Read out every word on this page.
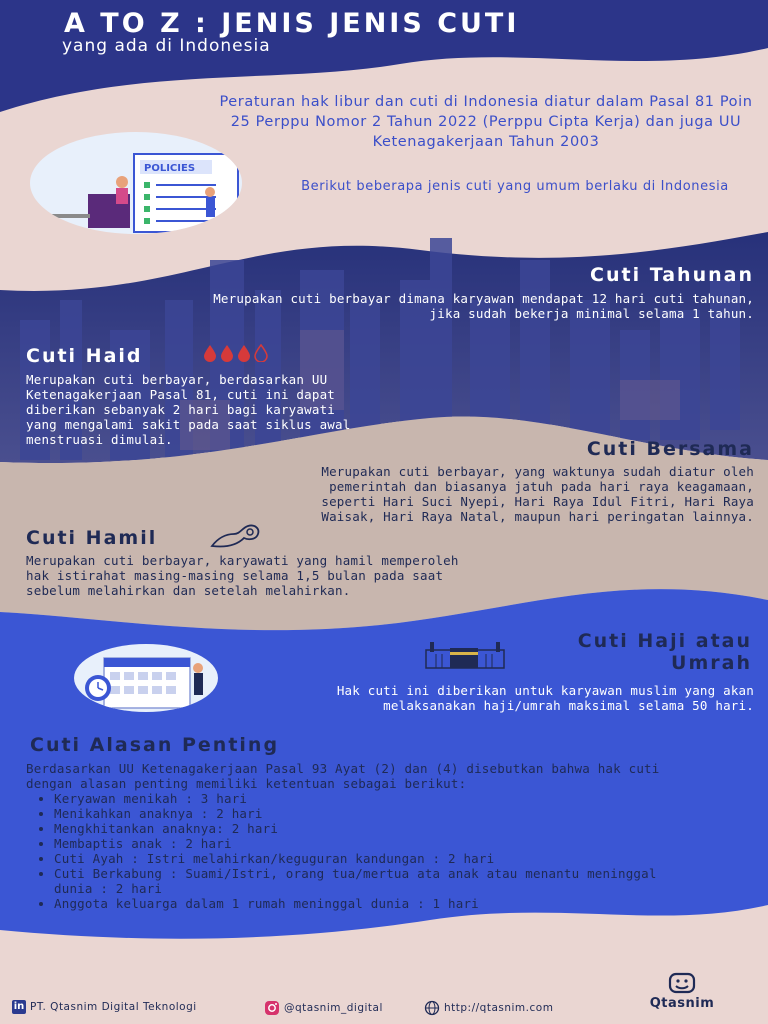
A TO Z : JENIS JENIS CUTI
yang ada di Indonesia
POLICIES
Peraturan hak libur dan cuti di Indonesia diatur dalam Pasal 81 Poin 25 Perppu Nomor 2 Tahun 2022 (Perppu Cipta Kerja) dan juga UU Ketenagakerjaan Tahun 2003
Berikut beberapa jenis cuti yang umum berlaku di Indonesia
Cuti Tahunan
Merupakan cuti berbayar dimana karyawan mendapat 12 hari cuti tahunan, jika sudah bekerja minimal selama 1 tahun.
Cuti Haid
Merupakan cuti berbayar, berdasarkan UU Ketenagakerjaan Pasal 81, cuti ini dapat diberikan sebanyak 2 hari bagi karyawati yang mengalami sakit pada saat siklus awal menstruasi dimulai.	Cuti Bersama
Merupakan cuti berbayar, yang waktunya sudah diatur oleh pemerintah dan biasanya jatuh pada hari raya keagamaan, seperti Hari Suci Nyepi, Hari Raya Idul Fitri, Hari Raya Waisak, Hari Raya Natal, maupun hari peringatan lainnya.
Cuti Hamil
Merupakan cuti berbayar, karyawati yang hamil memperoleh hak istirahat masing-masing selama 1,5 bulan pada saat sebelum melahirkan dan setelah melahirkan.
Cuti Haji atau
Umrah
Hak cuti ini diberikan untuk karyawan muslim yang akan melaksanakan haji/umrah maksimal selama 50 hari.
Cuti Alasan Penting
Berdasarkan UU Ketenagakerjaan Pasal 93 Ayat (2) dan (4) disebutkan bahwa hak cuti dengan alasan penting memiliki ketentuan sebagai berikut:
• Keryawan menikah : 3 hari
• Menikahkan anaknya : 2 hari
• Mengkhitankan anaknya: 2 hari
• Membaptis anak : 2 hari
• Cuti Ayah : Istri melahirkan/keguguran kandungan : 2 hari
• Cuti Berkabung : Suami/Istri, orang tua/mertua ata anak atau menantu meninggal dunia : 2 hari
• Anggota keluarga dalam 1 rumah meninggal dunia : 1 hari
in PT. Qtasnim Digital Teknologi	@qtasnim_digital	http://qtasnim.com	Qtasnim
